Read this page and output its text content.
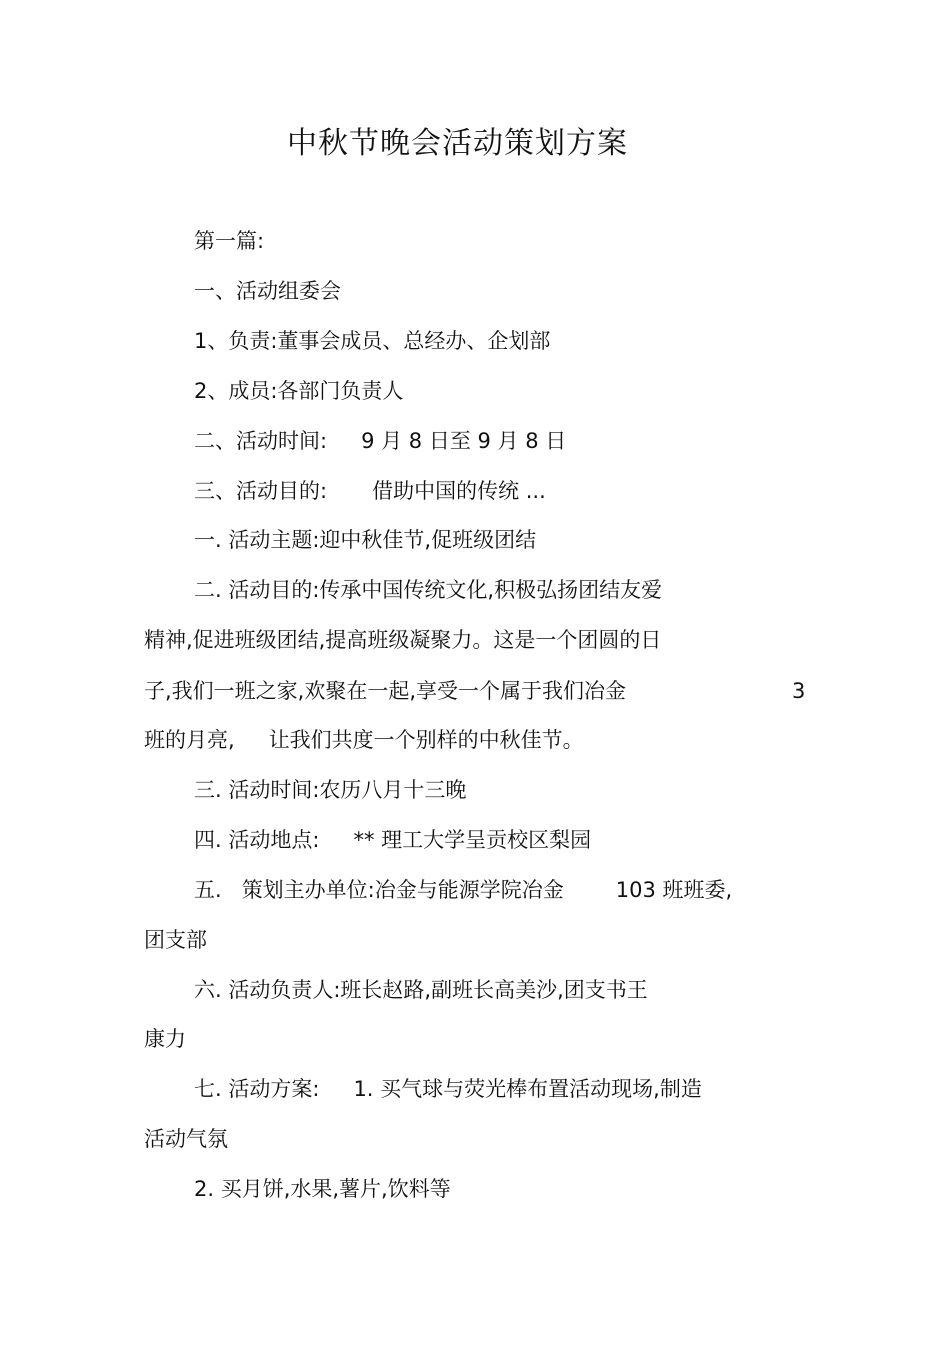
中秋节晚会活动策划方案
第一篇:
一、活动组委会
1、负责:董事会成员、总经办、企划部
2、成员:各部门负责人
二、活动时间: 9 月 8 日至 9 月 8 日
三、活动目的: 借助中国的传统 ...
一. 活动主题:迎中秋佳节,促班级团结
二. 活动目的:传承中国传统文化,积极弘扬团结友爱
精神,促进班级团结,提高班级凝聚力。这是一个团圆的日
子,我们一班之家,欢聚在一起,享受一个属于我们冶金	3
班的月亮, 让我们共度一个别样的中秋佳节。
三. 活动时间:农历八月十三晚
四. 活动地点: ** 理工大学呈贡校区梨园
五. 策划主办单位:冶金与能源学院冶金 103 班班委,
团支部
六. 活动负责人:班长赵路,副班长高美沙,团支书王
康力
七. 活动方案: 1. 买气球与荧光棒布置活动现场,制造
活动气氛
2. 买月饼,水果,薯片,饮料等
